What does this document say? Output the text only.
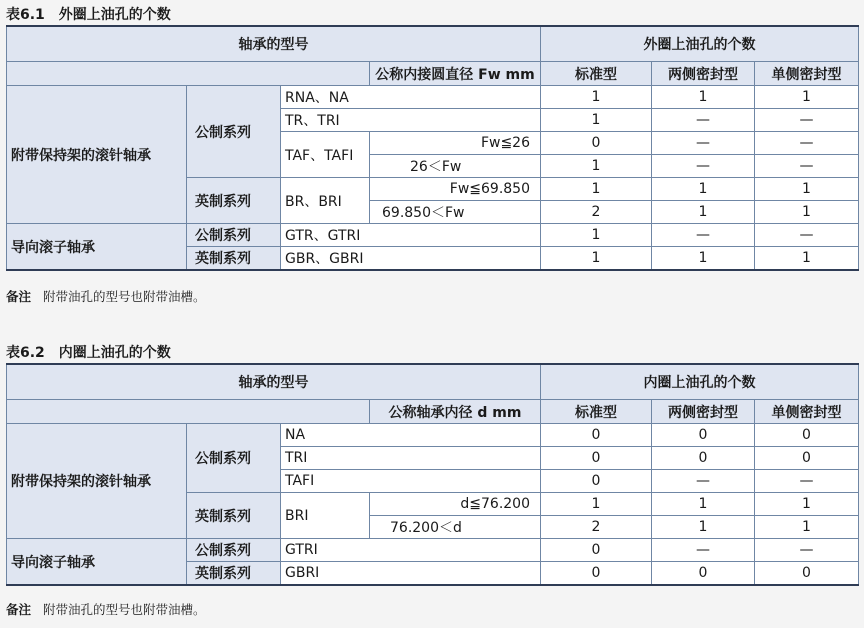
表6.1　外圈上油孔的个数
轴承的型号				外圈上油孔的个数		
			公称内接圆直径 Fw mm	标准型	两侧密封型	单侧密封型
附带保持架的滚针轴承	公制系列	RNA、NA		1	1	1
		TR、TRI		1	—	—
		TAF、TAFI	Fw≦26	0	—	—
			26＜Fw	1	—	—
	英制系列	BR、BRI	Fw≦69.850	1	1	1
			69.850＜Fw	2	1	1
导向滚子轴承	公制系列	GTR、GTRI		1	—	—
	英制系列	GBR、GBRI		1	1	1
备注 附带油孔的型号也附带油槽。
表6.2　内圈上油孔的个数
轴承的型号				内圈上油孔的个数		
			公称轴承内径 d mm	标准型	两侧密封型	单侧密封型
附带保持架的滚针轴承	公制系列	NA		0	0	0
		TRI		0	0	0
		TAFI		0	—	—
	英制系列	BRI	d≦76.200	1	1	1
			76.200＜d	2	1	1
导向滚子轴承	公制系列	GTRI		0	—	—
	英制系列	GBRI		0	0	0
备注 附带油孔的型号也附带油槽。
